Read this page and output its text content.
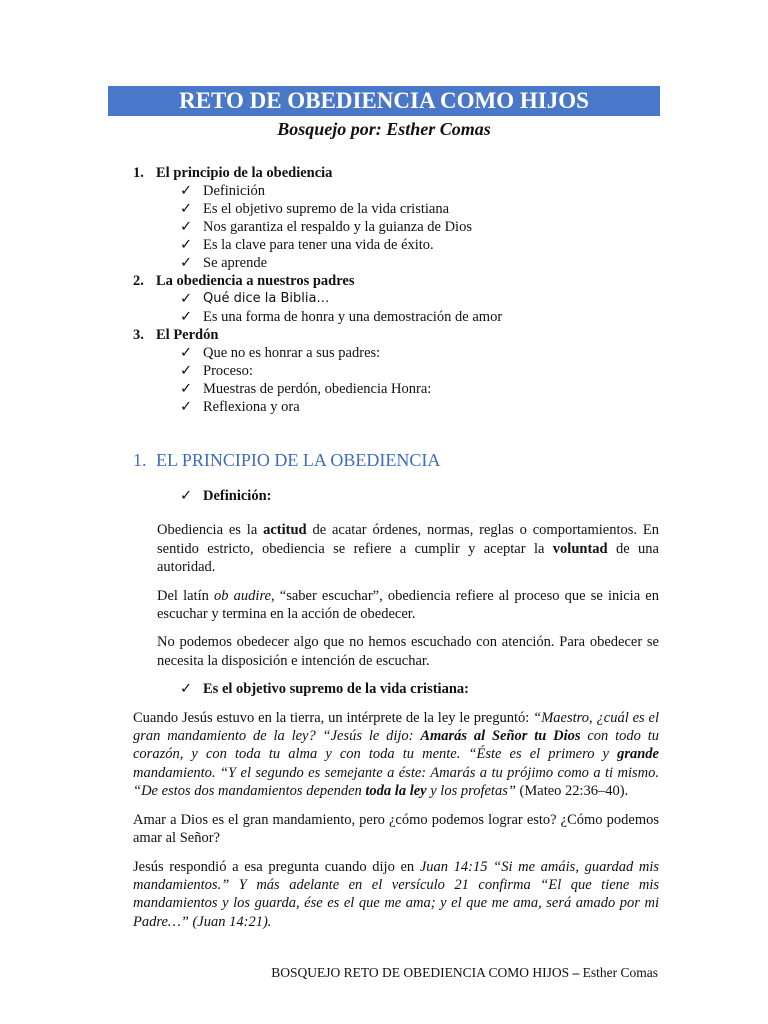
RETO DE OBEDIENCIA COMO HIJOS
Bosquejo por: Esther Comas
1. El principio de la obediencia
✓ Definición
✓ Es el objetivo supremo de la vida cristiana
✓ Nos garantiza el respaldo y la guianza de Dios
✓ Es la clave para tener una vida de éxito.
✓ Se aprende
2. La obediencia a nuestros padres
✓ Qué dice la Biblia…
✓ Es una forma de honra y una demostración de amor
3. El Perdón
✓ Que no es honrar a sus padres:
✓ Proceso:
✓ Muestras de perdón, obediencia Honra:
✓ Reflexiona y ora
1. EL PRINCIPIO DE LA OBEDIENCIA
✓ Definición:

Obediencia es la actitud de acatar órdenes, normas, reglas o comportamientos. En sentido estricto, obediencia se refiere a cumplir y aceptar la voluntad de una autoridad.

Del latín ob audire, “saber escuchar”, obediencia refiere al proceso que se inicia en escuchar y termina en la acción de obedecer.

No podemos obedecer algo que no hemos escuchado con atención. Para obedecer se necesita la disposición e intención de escuchar.

✓ Es el objetivo supremo de la vida cristiana:

Cuando Jesús estuvo en la tierra, un intérprete de la ley le preguntó: “Maestro, ¿cuál es el gran mandamiento de la ley? “Jesús le dijo: Amarás al Señor tu Dios con todo tu corazón, y con toda tu alma y con toda tu mente. “Éste es el primero y grande mandamiento. “Y el segundo es semejante a éste: Amarás a tu prójimo como a ti mismo. “De estos dos mandamientos dependen toda la ley y los profetas” (Mateo 22:36–40).

Amar a Dios es el gran mandamiento, pero ¿cómo podemos lograr esto? ¿Cómo podemos amar al Señor?

Jesús respondió a esa pregunta cuando dijo en Juan 14:15 “Si me amáis, guardad mis mandamientos.” Y más adelante en el versículo 21 confirma “El que tiene mis mandamientos y los guarda, ése es el que me ama; y el que me ama, será amado por mi Padre…” (Juan 14:21).

BOSQUEJO RETO DE OBEDIENCIA COMO HIJOS – Esther Comas
